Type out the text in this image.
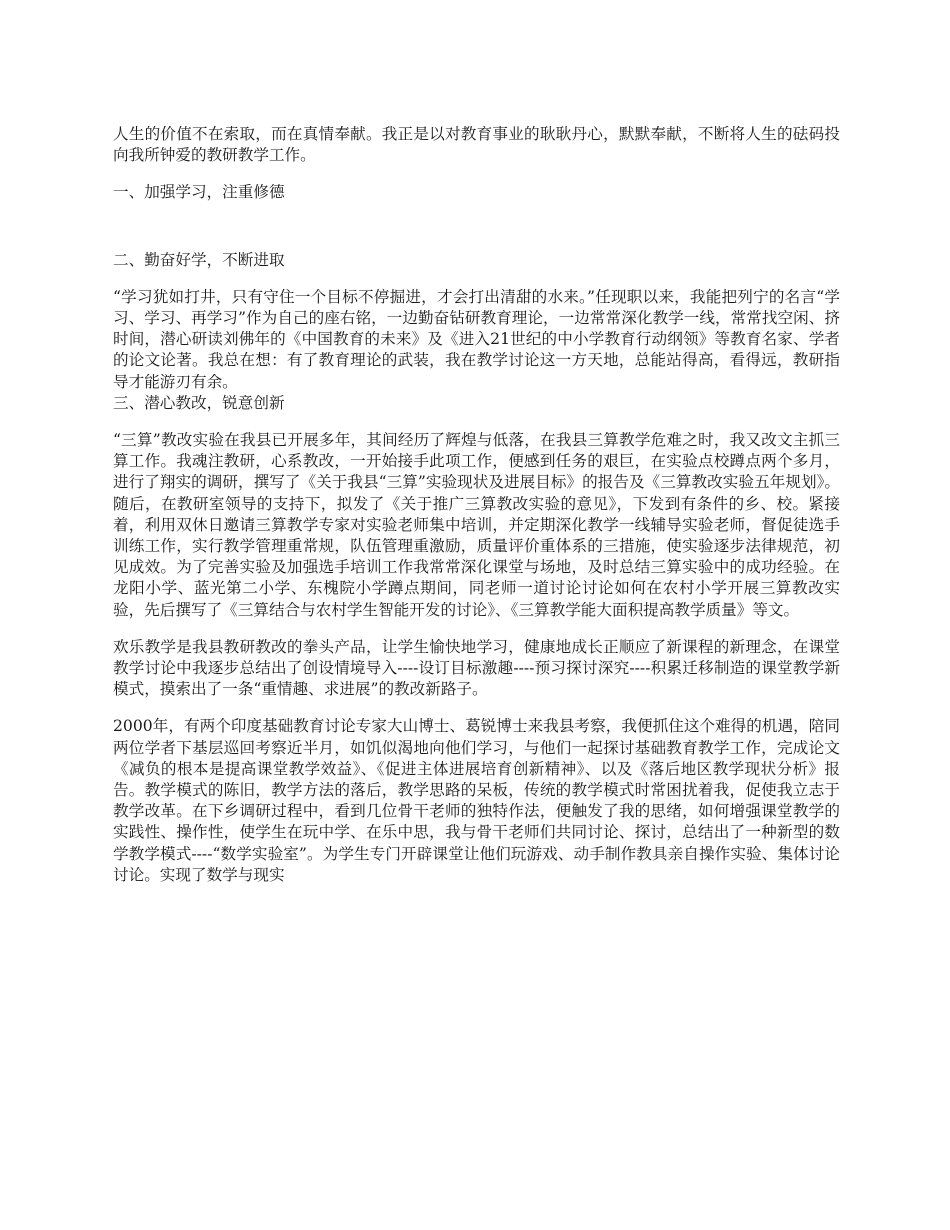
人生的价值不在索取，而在真情奉献。我正是以对教育事业的耿耿丹心，默默奉献，不断将人生的砝码投向我所钟爱的教研教学工作。

一、加强学习，注重修德

二、勤奋好学，不断进取

“学习犹如打井，只有守住一个目标不停掘进，才会打出清甜的水来。”任现职以来，我能把列宁的名言“学习、学习、再学习”作为自己的座右铭，一边勤奋钻研教育理论，一边常常深化教学一线，常常找空闲、挤时间，潜心研读刘佛年的《中国教育的未来》及《进入21世纪的中小学教育行动纲领》等教育名家、学者的论文论著。我总在想：有了教育理论的武装，我在教学讨论这一方天地，总能站得高，看得远，教研指导才能游刃有余。

三、潜心教改，锐意创新

“三算”教改实验在我县已开展多年，其间经历了辉煌与低落，在我县三算教学危难之时，我又改文主抓三算工作。我魂注教研，心系教改，一开始接手此项工作，便感到任务的艰巨，在实验点校蹲点两个多月，进行了翔实的调研，撰写了《关于我县“三算”实验现状及进展目标》的报告及《三算教改实验五年规划》。随后，在教研室领导的支持下，拟发了《关于推广三算教改实验的意见》，下发到有条件的乡、校。紧接着，利用双休日邀请三算教学专家对实验老师集中培训，并定期深化教学一线辅导实验老师，督促徒选手训练工作，实行教学管理重常规，队伍管理重激励，质量评价重体系的三措施，使实验逐步法律规范，初见成效。为了完善实验及加强选手培训工作我常常深化课堂与场地，及时总结三算实验中的成功经验。在龙阳小学、蓝光第二小学、东槐院小学蹲点期间，同老师一道讨论讨论如何在农村小学开展三算教改实验，先后撰写了《三算结合与农村学生智能开发的讨论》、《三算教学能大面积提高教学质量》等文。

欢乐教学是我县教研教改的拳头产品，让学生愉快地学习，健康地成长正顺应了新课程的新理念，在课堂教学讨论中我逐步总结出了创设情境导入----设订目标激趣----预习探讨深究----积累迁移制造的课堂教学新模式，摸索出了一条“重情趣、求进展”的教改新路子。

2000年，有两个印度基础教育讨论专家大山博士、葛锐博士来我县考察，我便抓住这个难得的机遇，陪同两位学者下基层巡回考察近半月，如饥似渴地向他们学习，与他们一起探讨基础教育教学工作，完成论文《减负的根本是提高课堂教学效益》、《促进主体进展培育创新精神》、以及《落后地区教学现状分析》报告。教学模式的陈旧，教学方法的落后，教学思路的呆板，传统的教学模式时常困扰着我，促使我立志于教学改革。在下乡调研过程中，看到几位骨干老师的独特作法，便触发了我的思绪，如何增强课堂教学的实践性、操作性，使学生在玩中学、在乐中思，我与骨干老师们共同讨论、探讨，总结出了一种新型的数学教学模式----“数学实验室”。为学生专门开辟课堂让他们玩游戏、动手制作教具亲自操作实验、集体讨论讨论。实现了数学与现实
